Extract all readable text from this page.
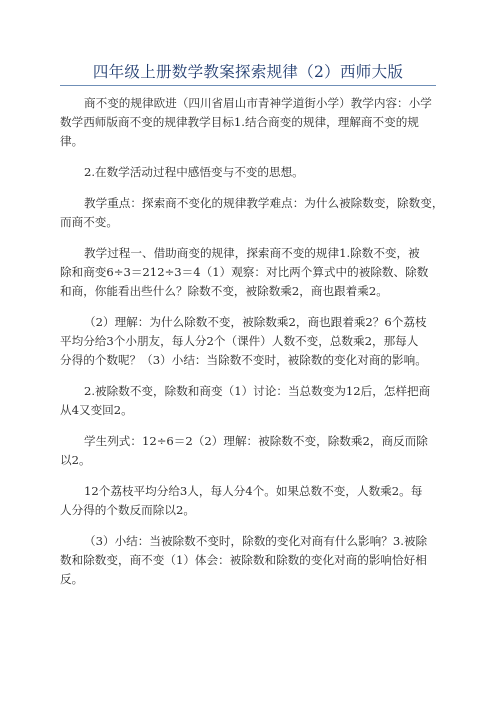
四年级上册数学教案探索规律（2）西师大版

商不变的规律欧进（四川省眉山市青神学道街小学）教学内容：小学
数学西师版商不变的规律教学目标1.结合商变的规律，理解商不变的规
律。

2.在数学活动过程中感悟变与不变的思想。

教学重点：探索商不变化的规律教学难点：为什么被除数变，除数变，
而商不变。

教学过程一、借助商变的规律，探索商不变的规律1.除数不变，被
除和商变6÷3＝212÷3＝4（1）观察：对比两个算式中的被除数、除数
和商，你能看出些什么？除数不变，被除数乘2，商也跟着乘2。

（2）理解：为什么除数不变，被除数乘2，商也跟着乘2？6个荔枝
平均分给3个小朋友，每人分2个（课件）人数不变，总数乘2，那每人
分得的个数呢？（3）小结：当除数不变时，被除数的变化对商的影响。

2.被除数不变，除数和商变（1）讨论：当总数变为12后，怎样把商
从4又变回2。

学生列式：12÷6＝2（2）理解：被除数不变，除数乘2，商反而除
以2。

12个荔枝平均分给3人，每人分4个。如果总数不变，人数乘2。每
人分得的个数反而除以2。

（3）小结：当被除数不变时，除数的变化对商有什么影响？3.被除
数和除数变，商不变（1）体会：被除数和除数的变化对商的影响恰好相
反。
